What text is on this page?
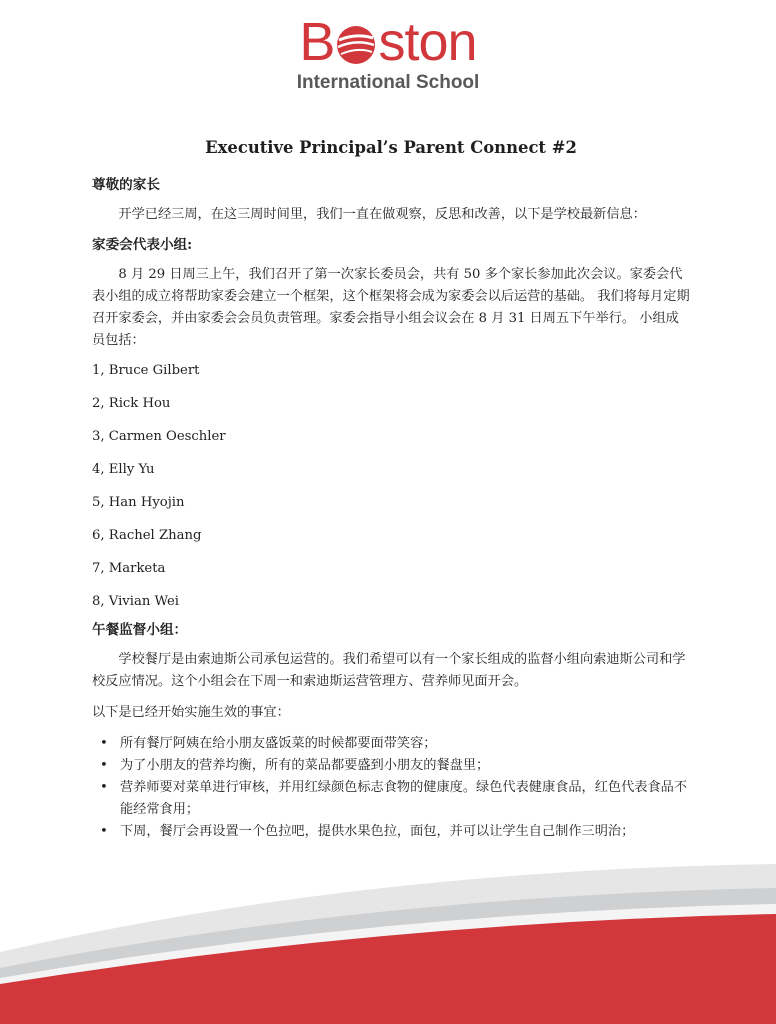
B s t o n
International School
Executive Principal’s Parent Connect #2
尊敬的家长

开学已经三周，在这三周时间里，我们一直在做观察，反思和改善，以下是学校最新信息：

家委会代表小组:

8 月 29 日周三上午，我们召开了第一次家长委员会，共有 50 多个家长参加此次会议。家委会代表小组的成立将帮助家委会建立一个框架，这个框架将会成为家委会以后运营的基础。 我们将每月定期召开家委会，并由家委会会员负责管理。家委会指导小组会议会在 8 月 31 日周五下午举行。 小组成员包括：

1, Bruce Gilbert
2, Rick Hou
3, Carmen Oeschler
4, Elly Yu
5, Han Hyojin
6, Rachel Zhang
7, Marketa
8, Vivian Wei
午餐监督小组：

学校餐厅是由索迪斯公司承包运营的。我们希望可以有一个家长组成的监督小组向索迪斯公司和学校反应情况。这个小组会在下周一和索迪斯运营管理方、营养师见面开会。

以下是已经开始实施生效的事宜：

• 所有餐厅阿姨在给小朋友盛饭菜的时候都要面带笑容；
• 为了小朋友的营养均衡，所有的菜品都要盛到小朋友的餐盘里；
• 营养师要对菜单进行审核，并用红绿颜色标志食物的健康度。绿色代表健康食品，红色代表食品不能经常食用；
• 下周，餐厅会再设置一个色拉吧，提供水果色拉，面包，并可以让学生自己制作三明治；
